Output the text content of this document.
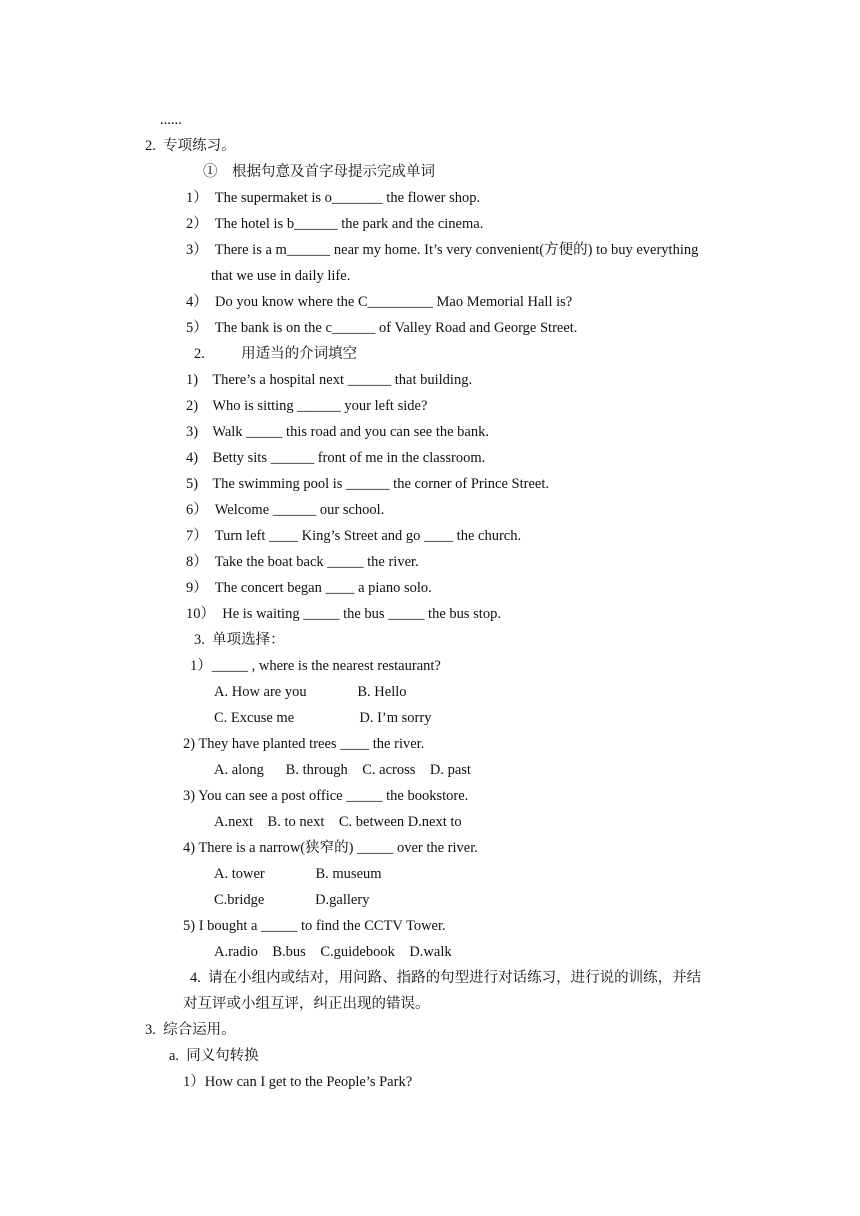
......
2.  专项练习。
①    根据句意及首字母提示完成单词
1）  The supermaket is o_______ the flower shop.
2）  The hotel is b______ the park and the cinema.
3）  There is a m______ near my home. It’s very convenient(方便的) to buy everything
that we use in daily life.
4）  Do you know where the C_________ Mao Memorial Hall is?
5）  The bank is on the c______ of Valley Road and George Street.
2.          用适当的介词填空
1)    There’s a hospital next ______ that building.
2)    Who is sitting ______ your left side?
3)    Walk _____ this road and you can see the bank.
4)    Betty sits ______ front of me in the classroom.
5)    The swimming pool is ______ the corner of Prince Street.
6）  Welcome ______ our school.
7）  Turn left ____ King’s Street and go ____ the church.
8）  Take the boat back _____ the river.
9）  The concert began ____ a piano solo.
10）  He is waiting _____ the bus _____ the bus stop.
3.  单项选择：
1）_____ , where is the nearest restaurant?
A. How are you              B. Hello
C. Excuse me                  D. I’m sorry
2) They have planted trees ____ the river.
A. along      B. through    C. across    D. past
3) You can see a post office _____ the bookstore.
A.next    B. to next    C. between D.next to
4) There is a narrow(狭窄的) _____ over the river.
A. tower              B. museum
C.bridge              D.gallery
5) I bought a _____ to find the CCTV Tower.
A.radio    B.bus    C.guidebook    D.walk
4.  请在小组内或结对，用问路、指路的句型进行对话练习，进行说的训练，并结
对互评或小组互评，纠正出现的错误。
3.  综合运用。
a.  同义句转换
1）How can I get to the People’s Park?
